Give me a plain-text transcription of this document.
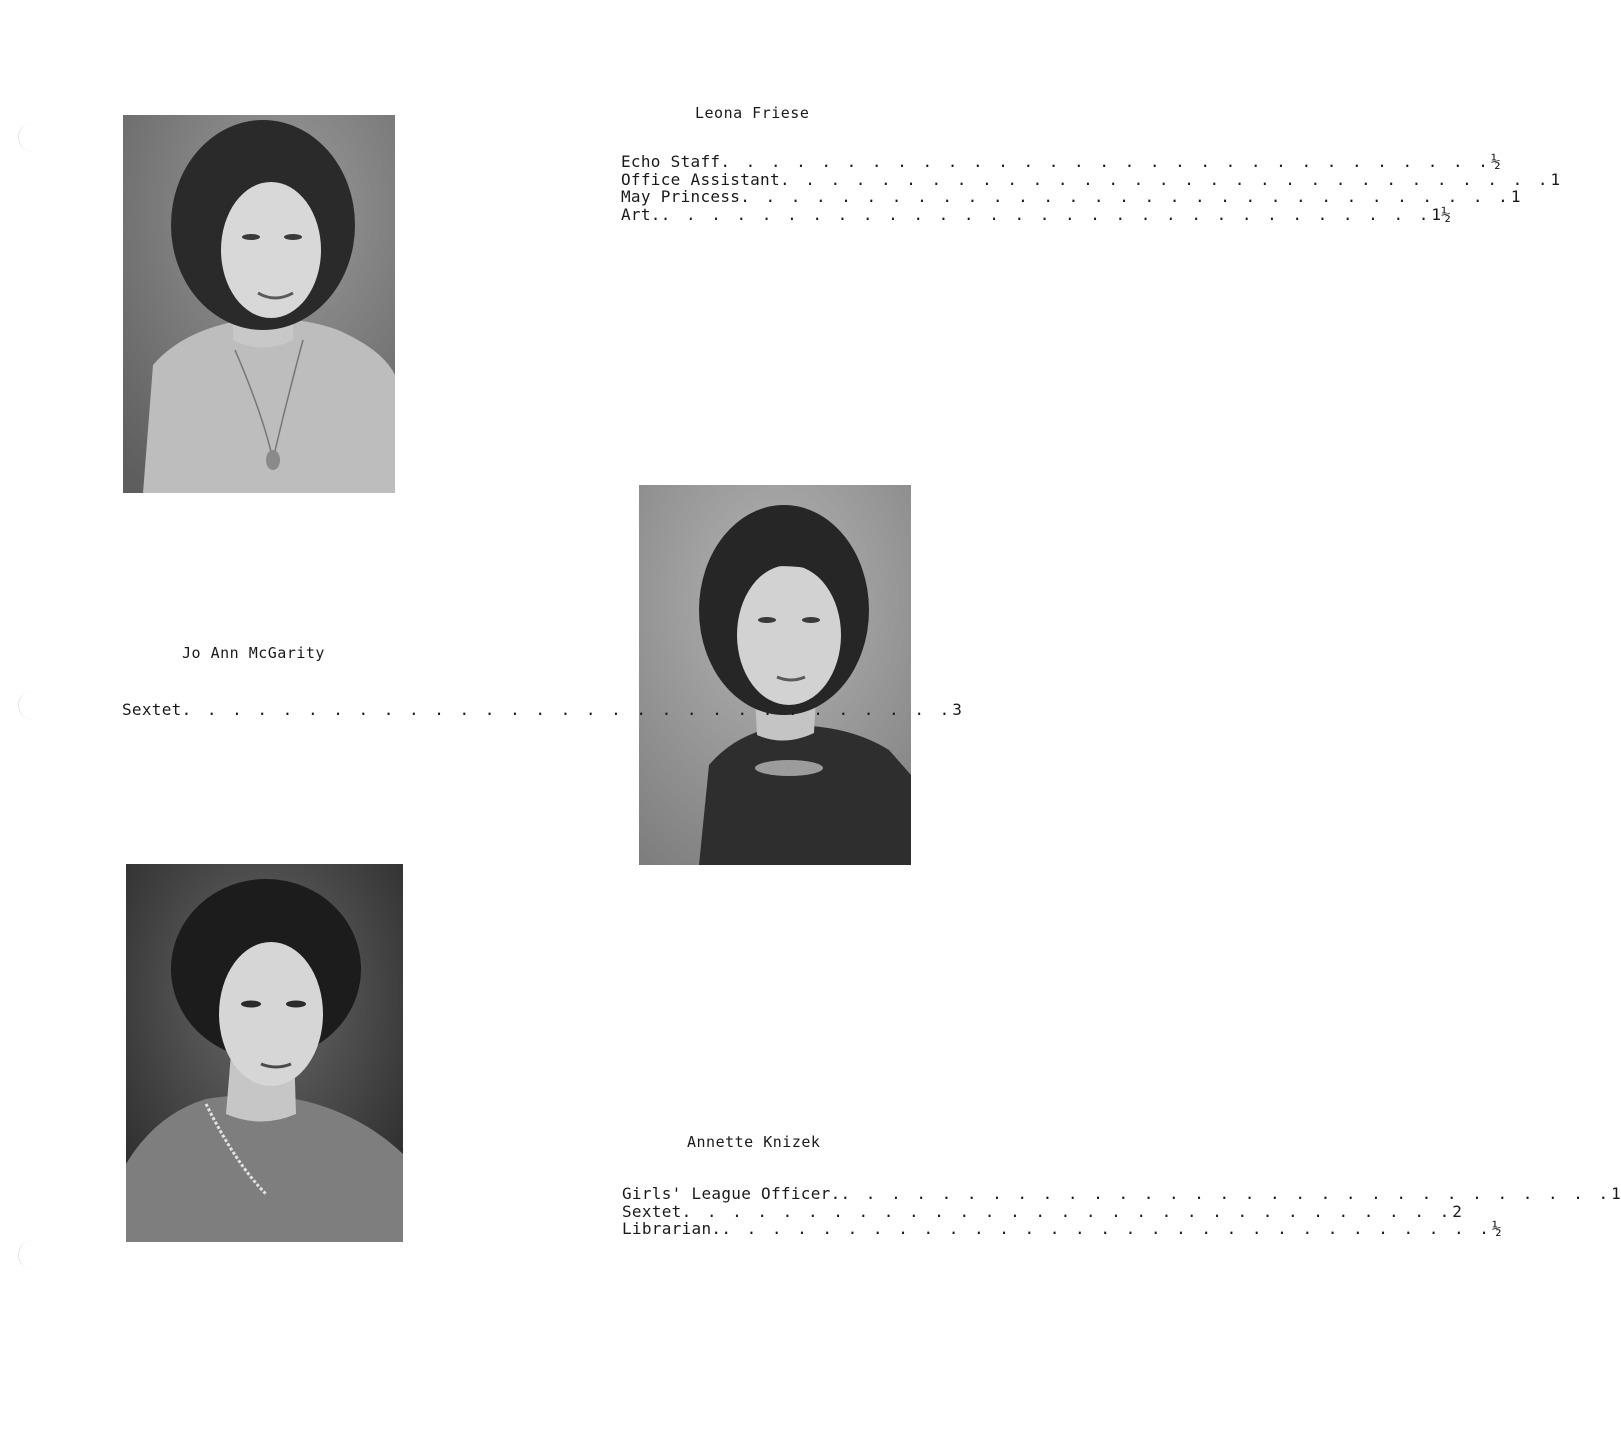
Leona Friese
Echo Staff . . . . . . . . . . . . . . . . . . . . . . . . . . . . . . . ½
Office Assistant . . . . . . . . . . . . . . . . . . . . . . . . . . . . . . . 1
May Princess . . . . . . . . . . . . . . . . . . . . . . . . . . . . . . . 1
Art. . . . . . . . . . . . . . . . . . . . . . . . . . . . . . . . 1½
Jo Ann McGarity
Sextet . . . . . . . . . . . . . . . . . . . . . . . . . . . . . . . 3
Annette Knizek
Girls' League Officer. . . . . . . . . . . . . . . . . . . . . . . . . . . . . . . . 1
Sextet . . . . . . . . . . . . . . . . . . . . . . . . . . . . . . . 2
Librarian. . . . . . . . . . . . . . . . . . . . . . . . . . . . . . . . ½
